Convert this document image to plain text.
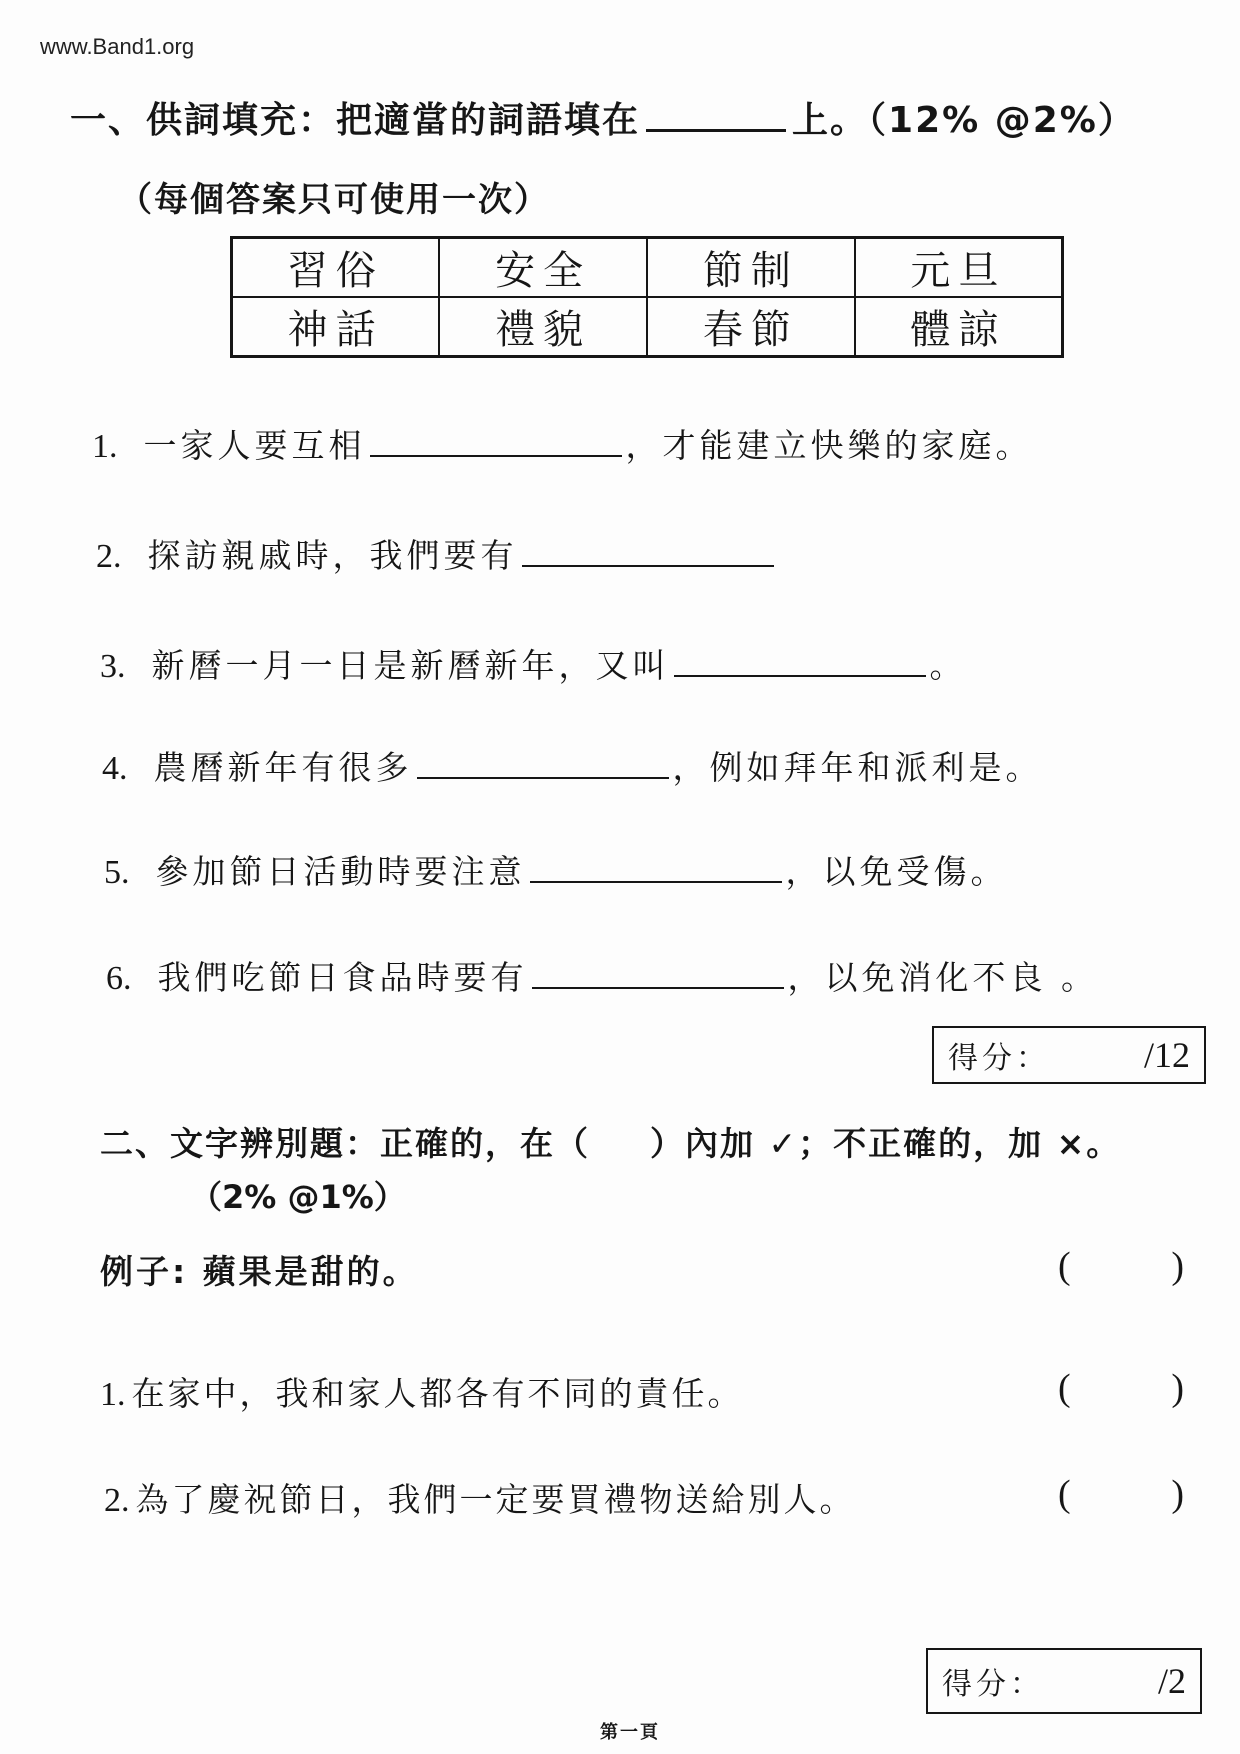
www.Band1.org
一、供詞填充：把適當的詞語填在	上。（12% @2%）
（每個答案只可使用一次）
習俗	安全	節制	元旦
神話	禮貌	春節	體諒
1. 一家人要互相	，才能建立快樂的家庭。
2. 探訪親戚時，我們要有
3. 新曆一月一日是新曆新年，又叫	。
4. 農曆新年有很多	，例如拜年和派利是。
5. 參加節日活動時要注意	，以免受傷。
6. 我們吃節日食品時要有	，以免消化不良 。
得分：	/12
二、文字辨別題：正確的，在（ ）內加 ✓；不正確的，加 ×。
（2% @1%）
例子: 蘋果是甜的。	(	)
1. 在家中，我和家人都各有不同的責任。	(	)
2. 為了慶祝節日，我們一定要買禮物送給別人。	(	)
得分：	/2
第一頁
